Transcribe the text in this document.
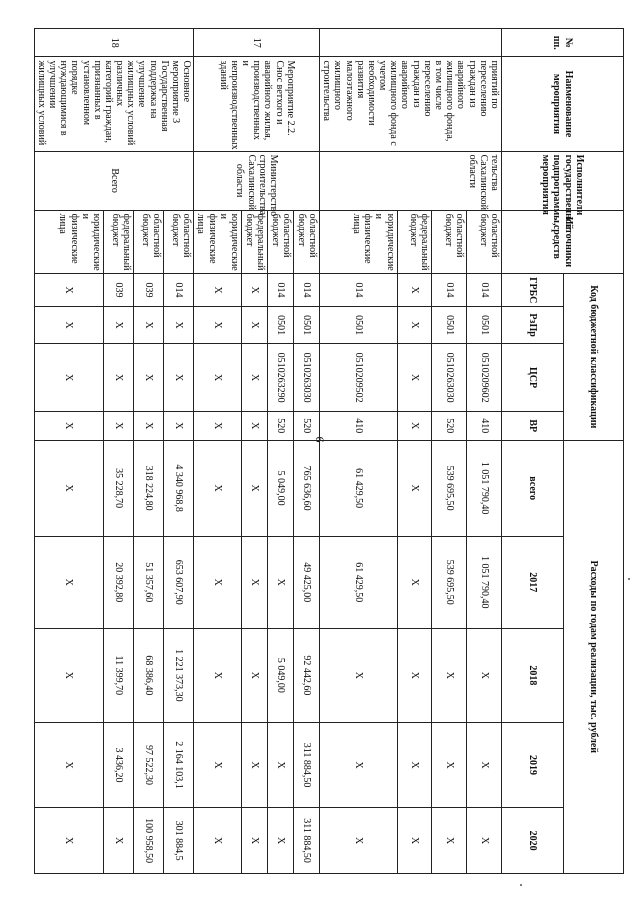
9
№ пп.	Наименование мероприятия	Исполнители государственной подпрограммы, мероприятия	Источники средств	Код бюджетной классификации				Расходы по годам реализации, тыс. рублей				
				ГРБС	РзПр	ЦСР	ВР	всего	2017	2018	2019	2020
	приятий по переселению граждан из аварийного жилищного фонда, в том числе переселению граждан из аварийного жилищного фонда с учетом необходимости развития малоэтажного жилищного строительства	тельства Сахалинской области	областной бюджет	014	0501	0510209602	410	1 051 790,40	1 051 790,40	X	X	X
			областной бюджет	014	0501	0510263030	520	539 695,50	539 695,50	X	X	X
			федеральный бюджет	X	X	X	X	X	X	X	X	X
			юридические и физические лица	014	0501	0510209502	410	61 429,50	61 429,50	X	X	X
17	Мероприятие 2.2. Снос ветхого и аварийного жилья, производственных и непроизводственных зданий	Министерство строительства Сахалинской области	областной бюджет	014	0501	0510263030	520	765 636,60	49 425,00	92 442,60	311 884,50	311 884,50
			областной бюджет	014	0501	0510263290	520	5 049,00	X	5 049,00	X	X
			федеральный бюджет	X	X	X	X	X	X	X	X	X
			юридические и физические лица	X	X	X	X	X	X	X	X	X
18	Основное мероприятие 3 Государственная поддержка на улучшение жилищных условий различных категорий граждан, признанных в установленном порядке нуждающимися в улучшении жилищных условий	Всего	областной бюджет	014	X	X	X	4 340 968,8	653 607,90	1 221 373,30	2 164 103,1	301 884,5
			областной бюджет	039	X	X	X	318 224,80	51 357,60	68 386,40	97 522,30	100 958,50
			федеральный бюджет	039	X	X	X	35 228,70	20 392,80	11 399,70	3 436,20	X
			юридические и физические лица	X	X	X	X	X	X	X	X	X
